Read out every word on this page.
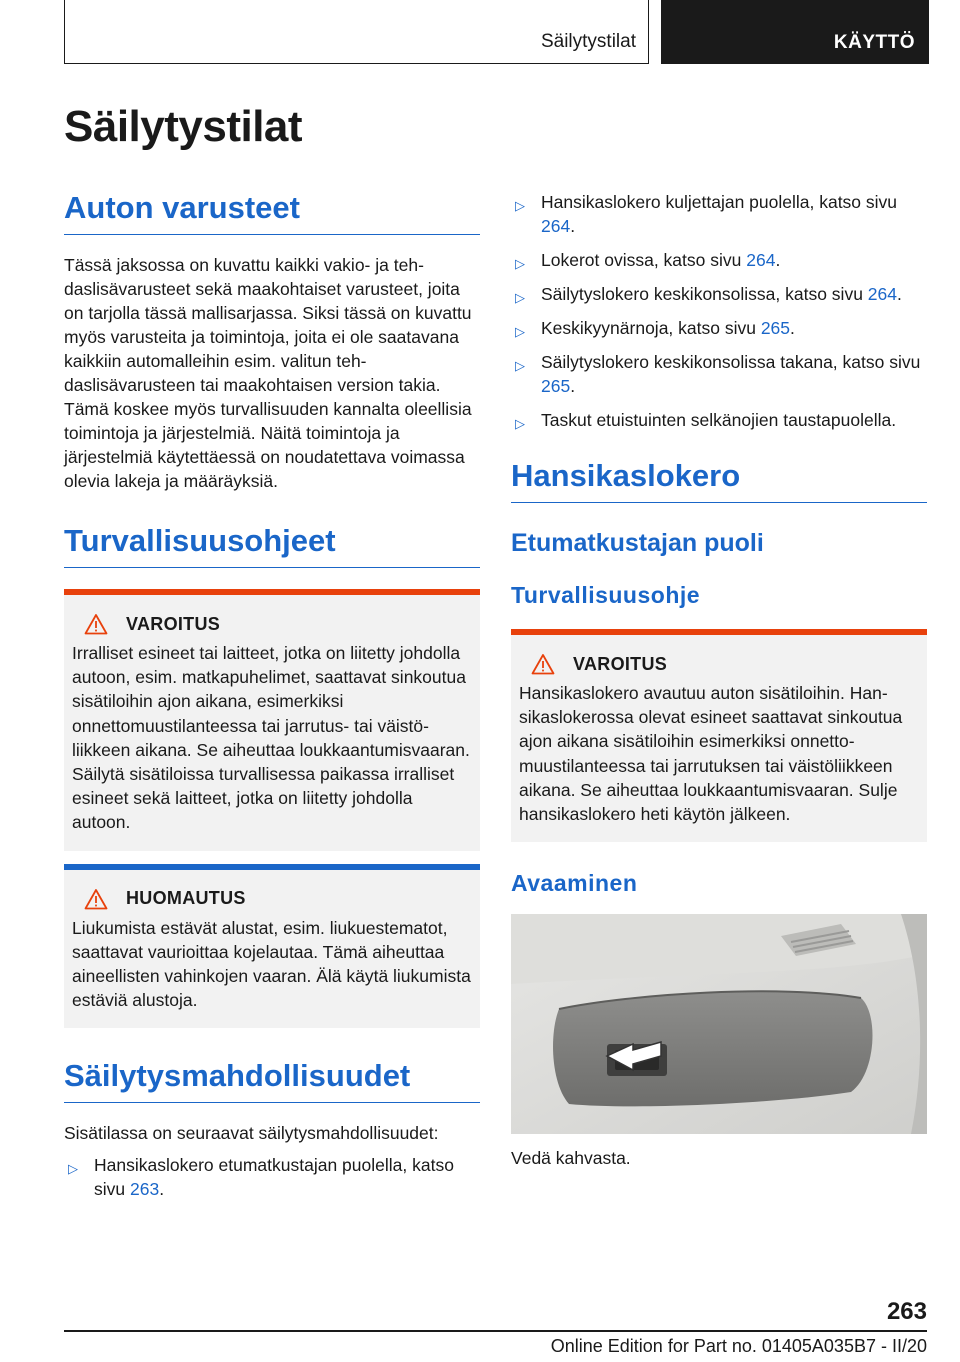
Säilytystilat	KÄYTTÖ
Säilytystilat
Auton varusteet

Tässä jaksossa on kuvattu kaikki vakio- ja tehdaslisävarusteet sekä maakohtaiset varusteet, joita on tarjolla tässä mallisarjassa. Siksi tässä on kuvattu myös varusteita ja toimintoja, joita ei ole saatavana kaikkiin automalleihin esim. valitun tehdaslisävarusteen tai maakohtaisen version takia. Tämä koskee myös turvallisuuden kannalta oleellisia toimintoja ja järjestelmiä. Näitä toimintoja ja järjestelmiä käytettäessä on noudatettava voimassa olevia lakeja ja määräyksiä.

Turvallisuusohjeet
VAROITUS

Irralliset esineet tai laitteet, jotka on liitetty johdolla autoon, esim. matkapuhelimet, saattavat sinkoutua sisätiloihin ajon aikana, esimerkiksi onnettomuustilanteessa tai jarrutus- tai väistöliikkeen aikana. Se aiheuttaa loukkaantumisvaaran. Säilytä sisätiloissa turvallisessa paikassa irralliset esineet sekä laitteet, jotka on liitetty johdolla autoon.

HUOMAUTUS

Liukumista estävät alustat, esim. liukuestematot, saattavat vaurioittaa kojelautaa. Tämä aiheuttaa aineellisten vahinkojen vaaran. Älä käytä liukumista estäviä alustoja.

Säilytysmahdollisuudet

Sisätilassa on seuraavat säilytysmahdollisuudet:

▷ Hansikaslokero etumatkustajan puolella, katso sivu 263.
▷ Hansikaslokero kuljettajan puolella, katso sivu 264.
▷ Lokerot ovissa, katso sivu 264.
▷ Säilytyslokero keskikonsolissa, katso sivu 264.
▷ Keskikyynärnoja, katso sivu 265.
▷ Säilytyslokero keskikonsolissa takana, katso sivu 265.
▷ Taskut etuistuinten selkänojien taustapuolella.
Hansikaslokero
Etumatkustajan puoli
Turvallisuusohje
VAROITUS

Hansikaslokero avautuu auton sisätiloihin. Hansikaslokerossa olevat esineet saattavat sinkoutua ajon aikana sisätiloihin esimerkiksi onnettomuustilanteessa tai jarrutuksen tai väistöliikkeen aikana. Se aiheuttaa loukkaantumisvaaran. Sulje hansikaslokero heti käytön jälkeen.

Avaaminen

Vedä kahvasta.

263
Online Edition for Part no. 01405A035B7 - II/20
